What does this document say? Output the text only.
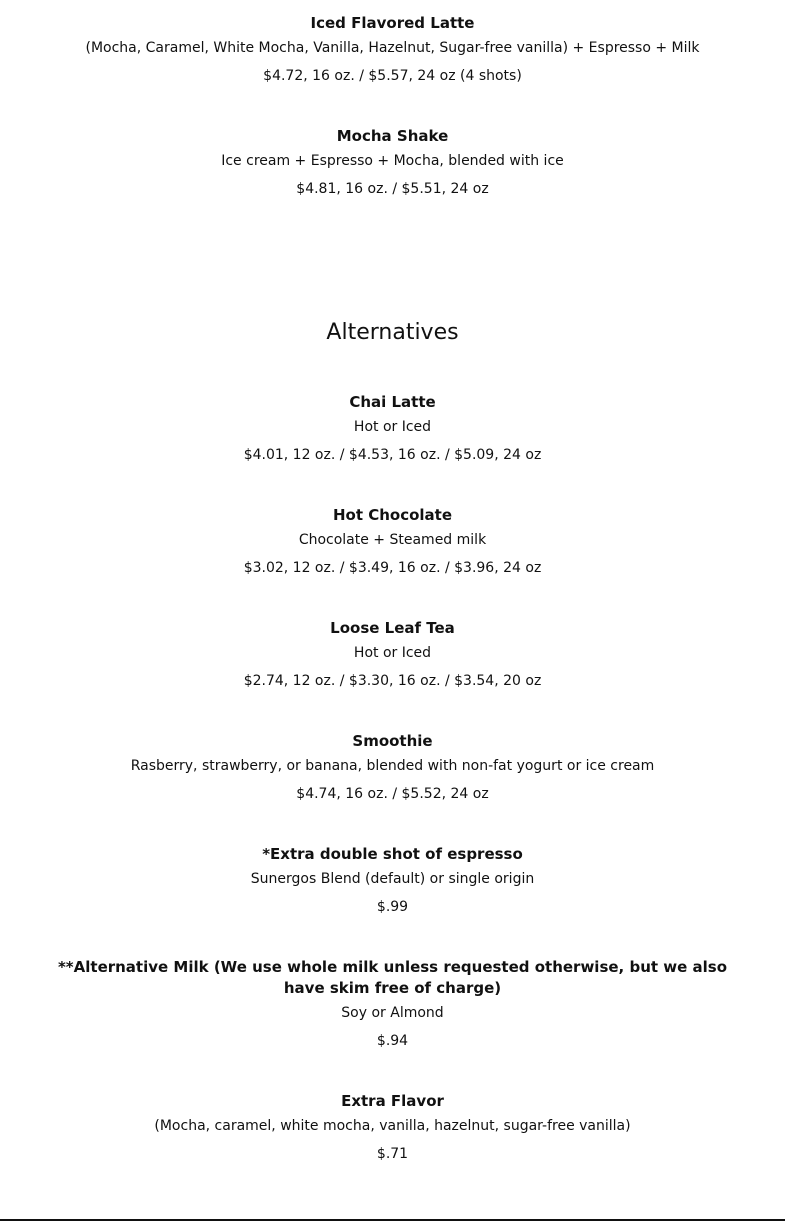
Iced Flavored Latte

(Mocha, Caramel, White Mocha, Vanilla, Hazelnut, Sugar-free vanilla) + Espresso + Milk

$4.72, 16 oz. / $5.57, 24 oz (4 shots)

Mocha Shake

Ice cream + Espresso + Mocha, blended with ice

$4.81, 16 oz. / $5.51, 24 oz

Alternatives

Chai Latte

Hot or Iced

$4.01, 12 oz. / $4.53, 16 oz. / $5.09, 24 oz

Hot Chocolate

Chocolate + Steamed milk

$3.02, 12 oz. / $3.49, 16 oz. / $3.96, 24 oz

Loose Leaf Tea

Hot or Iced

$2.74, 12 oz. / $3.30, 16 oz. / $3.54, 20 oz

Smoothie

Rasberry, strawberry, or banana, blended with non-fat yogurt or ice cream

$4.74, 16 oz. / $5.52, 24 oz

*Extra double shot of espresso

Sunergos Blend (default) or single origin

$.99

**Alternative Milk (We use whole milk unless requested otherwise, but we also have skim free of charge)

Soy or Almond

$.94

Extra Flavor

(Mocha, caramel, white mocha, vanilla, hazelnut, sugar-free vanilla)

$.71
